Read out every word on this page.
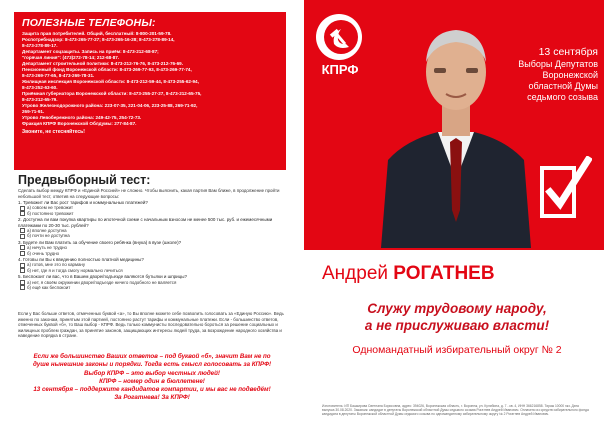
ПОЛЕЗНЫЕ ТЕЛЕФОНЫ:
Защита прав потребителей. Общий, бесплатный: 8-800-201-59-78.
Роспотребнадзор: 8-473-265-77-27; 8-473-265-16-28; 8-473-278-89-14,
8-473-278-89-17.
Департамент соцзащиты. Запись на приём: 8-473-212-68-87;
"горячая линия": (473)272-78-14; 212-68-87.
Департамент строительной политики: 8-473-212-76-76, 8-473-212-76-69.
Пенсионный фонд Воронежской области: 8-473-269-77-93, 8-473-269-77-74,
8-473-269-77-65, 8-473-269-78-31.
Жилищная инспекция Воронежской области: 8-473-212-59-44, 8-473-255-62-94,
8-473-252-63-60.
Приёмная губернатора Воронежской области: 8-473-255-27-27, 8-473-212-65-75,
8-473-212-65-79.
Утрово Железнодорожного района: 223-07-35, 221-04-06, 223-25-88, 269-71-92,
269-71-91.
Утрово Левобережного района: 249-42-75, 254-72-73.
Фракция КПРФ Воронежской Облдумы: 277-84-87.
Звоните, не стесняйтесь!
Предвыборный тест:
Сделать выбор между КПРФ и «Единой Россией» не сложно. Чтобы выяснить, какая партия Вам ближе, в продолжение пройти небольшой тест, ответив на следующие вопросы:
1. Тревожит ли Вас рост тарифов и коммунальных платежей?
а) совсем не тревожит
б) постоянно тревожит
2. Доступна ли вам покупка квартиры по ипотечной схеме с начальным взносом не менее 500 тыс. руб. и ежемесячными платежами по 20-30 тыс. рублей?
а) вполне доступна
б) почти не доступна
3. Будете ли Вам платить за обучение своего ребёнка (внука) в вузе (школе)?
а) ничуть не трудно
б) очень трудно
4. Готовы ли Вы к введению полностью платной медицины?
а) готов, мне это по карману
б) нет, где я и тогда смогу нормально лечиться
5. Беспокоит ли вас, что в Вашем дворе/подъезде валяются бутылки и шприцы?
а) нет, я своём окружении дворе/подъезде ничего подобного не валяется
б) ещё как беспокоит
Если у Вас больше ответов, отмеченных буквой «а», то Вы вполне можете себе позволить голосовать за «Единую Россию». Ведь именно по законам, принятым этой партией, постоянно растут тарифы и коммунальные платежи. Если - большинство ответов, отмеченных буквой «б», то Ваш выбор - КПРФ. Ведь только коммунисты последовательно бороться за решение социальных и жилищных проблем граждан, за принятие законов, защищающих интересы людей труда, за возрождение народного хозяйства и наведение порядка в стране.
Если же большинство Ваших ответов – под буквой «б», значит Вам не по
душе нынешние законы и порядки. Тогда есть смысл голосовать за КПРФ!
Выбор КПРФ – это выбор честных людей!
КПРФ – номер один в бюллетене!
13 сентября – поддержите кандидатов компартии, и мы вас не подведём!
За Рогатнева! За КПРФ!
КПРФ
13 сентября
Выборы Депутатов
Воронежской
областной Думы
седьмого созыва
Андрей РОГАТНЕВ
Служу трудовому народу,
а не прислуживаю власти!
Одномандатный избирательный округ № 2
Изготовитель: ИП Башкирова Светлана Борисовна, адрес: 394026, Воронежская область, г. Воронеж, ул. Кулибина, д. 7 - кв. 4, ИНН 366216858. Тираж 10000 экз. Дата выпуска 30.08.2020. Заказчик: кандидат в депутаты Воронежской областной Думы седьмого созыва Рогатнев Андрей Иванович. Оплачено из средств избирательного фонда кандидата в депутаты Воронежской областной Думы седьмого созыва по одномандатному избирательному округу № 2 Рогатнев Андрей Иванович.
